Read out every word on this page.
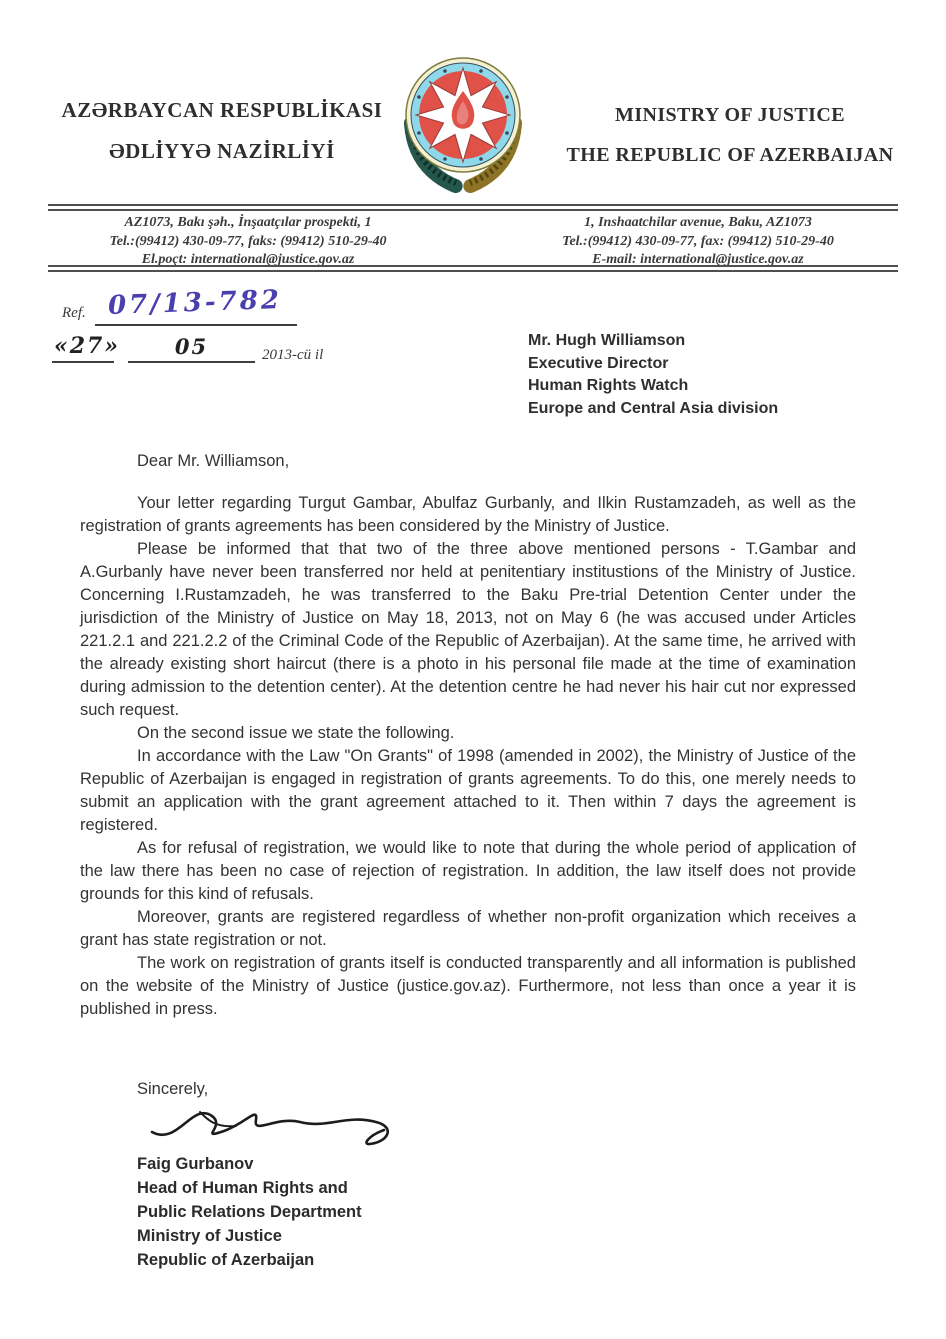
AZƏRBAYCAN RESPUBLİKASI
ƏDLİYYƏ NAZİRLİYİ
MINISTRY OF JUSTICE
THE REPUBLIC OF AZERBAIJAN
AZ1073, Bakı şəh., İnşaatçılar prospekti, 1
Tel.:(99412) 430-09-77, faks: (99412) 510-29-40
El.poçt: international@justice.gov.az
1, Inshaatchilar avenue, Baku, AZ1073
Tel.:(99412) 430-09-77, fax: (99412) 510-29-40
E-mail: international@justice.gov.az
Ref. 07/13-782
«27»	05	2013-cü il
Mr. Hugh Williamson
Executive Director
Human Rights Watch
Europe and Central Asia division
Dear Mr. Williamson,

Your letter regarding Turgut Gambar, Abulfaz Gurbanly, and Ilkin Rustamzadeh, as well as the registration of grants agreements has been considered by the Ministry of Justice.

Please be informed that that two of the three above mentioned persons - T.Gambar and A.Gurbanly have never been transferred nor held at penitentiary institustions of the Ministry of Justice. Concerning I.Rustamzadeh, he was transferred to the Baku Pre-trial Detention Center under the jurisdiction of the Ministry of Justice on May 18, 2013, not on May 6 (he was accused under Articles 221.2.1 and 221.2.2 of the Criminal Code of the Republic of Azerbaijan). At the same time, he arrived with the already existing short haircut (there is a photo in his personal file made at the time of examination during admission to the detention center). At the detention centre he had never his hair cut nor expressed such request.

On the second issue we state the following.

In accordance with the Law "On Grants" of 1998 (amended in 2002), the Ministry of Justice of the Republic of Azerbaijan is engaged in registration of grants agreements. To do this, one merely needs to submit an application with the grant agreement attached to it. Then within 7 days the agreement is registered.

As for refusal of registration, we would like to note that during the whole period of application of the law there has been no case of rejection of registration. In addition, the law itself does not provide grounds for this kind of refusals.

Moreover, grants are registered regardless of whether non-profit organization which receives a grant has state registration or not.

The work on registration of grants itself is conducted transparently and all information is published on the website of the Ministry of Justice (justice.gov.az). Furthermore, not less than once a year it is published in press.

Sincerely,
Faig Gurbanov
Head of Human Rights and
Public Relations Department
Ministry of Justice
Republic of Azerbaijan
